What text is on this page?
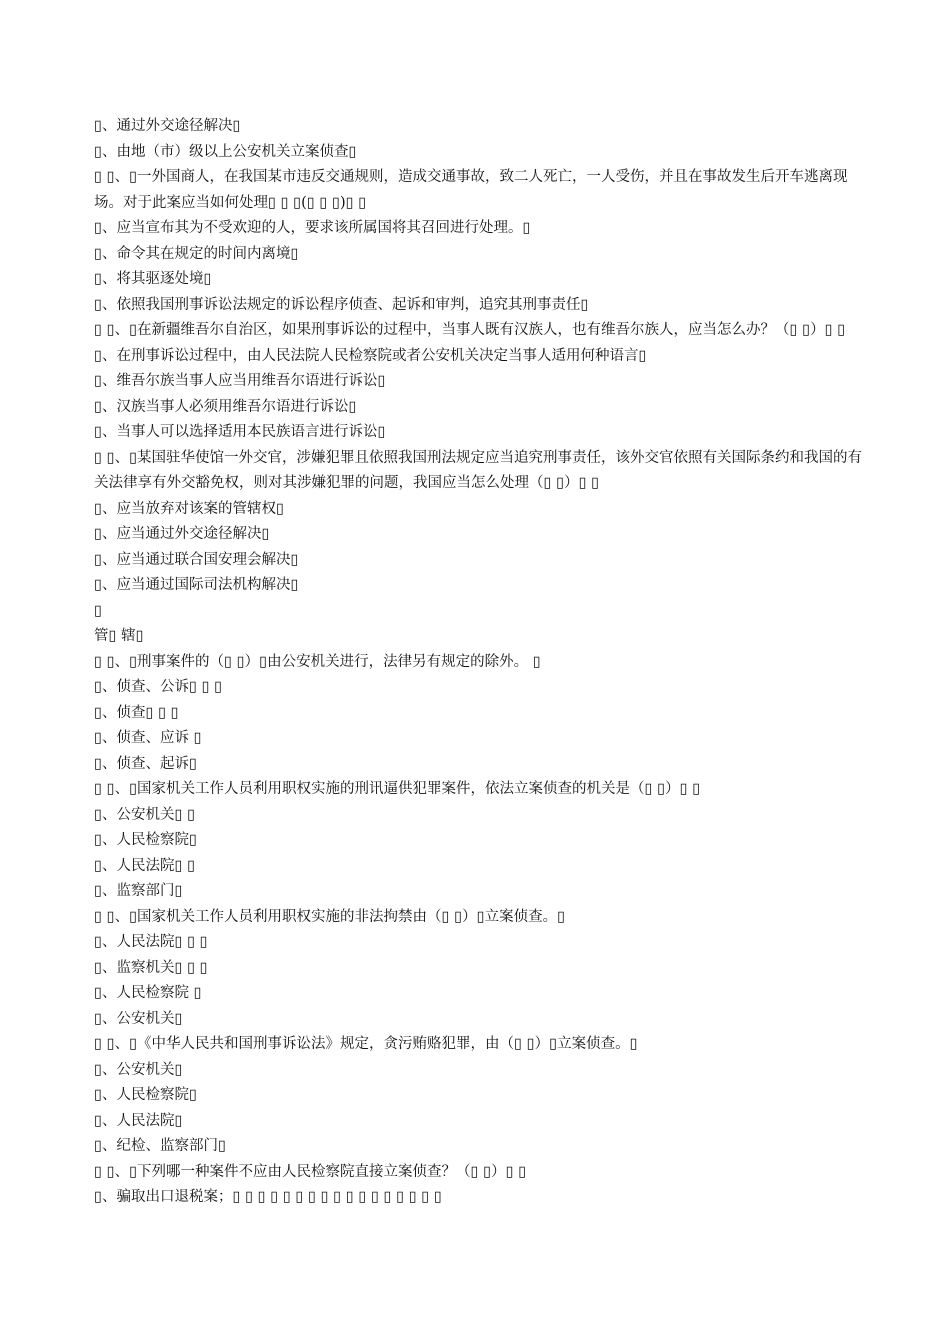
▯、通过外交途径解决▯
▯、由地（市）级以上公安机关立案侦查▯
▯ ▯、▯一外国商人，在我国某市违反交通规则，造成交通事故，致二人死亡，一人受伤，并且在事故发生后开车逃离现场。对于此案应当如何处理▯ ▯ ▯(▯ ▯ ▯)▯ ▯
▯、应当宣布其为不受欢迎的人，要求该所属国将其召回进行处理。▯
▯、命令其在规定的时间内离境▯
▯、将其驱逐处境▯
▯、依照我国刑事诉讼法规定的诉讼程序侦查、起诉和审判，追究其刑事责任▯
▯ ▯、▯在新疆维吾尔自治区，如果刑事诉讼的过程中，当事人既有汉族人，也有维吾尔族人，应当怎么办？（▯ ▯）▯ ▯
▯、在刑事诉讼过程中，由人民法院人民检察院或者公安机关决定当事人适用何种语言▯
▯、维吾尔族当事人应当用维吾尔语进行诉讼▯
▯、汉族当事人必须用维吾尔语进行诉讼▯
▯、当事人可以选择适用本民族语言进行诉讼▯
▯ ▯、▯某国驻华使馆一外交官，涉嫌犯罪且依照我国刑法规定应当追究刑事责任，该外交官依照有关国际条约和我国的有关法律享有外交豁免权，则对其涉嫌犯罪的问题，我国应当怎么处理（▯ ▯）▯ ▯
▯、应当放弃对该案的管辖权▯
▯、应当通过外交途径解决▯
▯、应当通过联合国安理会解决▯
▯、应当通过国际司法机构解决▯
▯
管▯ 辖▯
▯ ▯、▯刑事案件的（▯ ▯）▯由公安机关进行，法律另有规定的除外。 ▯
▯、侦查、公诉▯ ▯ ▯
▯、侦查▯ ▯ ▯
▯、侦查、应诉 ▯
▯、侦查、起诉▯
▯ ▯、▯国家机关工作人员利用职权实施的刑讯逼供犯罪案件，依法立案侦查的机关是（▯ ▯）▯ ▯
▯、公安机关▯ ▯
▯、人民检察院▯
▯、人民法院▯ ▯
▯、监察部门▯
▯ ▯、▯国家机关工作人员利用职权实施的非法拘禁由（▯ ▯）▯立案侦查。▯
▯、人民法院▯ ▯ ▯
▯、监察机关▯ ▯ ▯
▯、人民检察院 ▯
▯、公安机关▯
▯ ▯、▯《中华人民共和国刑事诉讼法》规定，贪污贿赂犯罪，由（▯ ▯）▯立案侦查。▯
▯、公安机关▯
▯、人民检察院▯
▯、人民法院▯
▯、纪检、监察部门▯
▯ ▯、▯下列哪一种案件不应由人民检察院直接立案侦查？（▯ ▯）▯ ▯
▯、骗取出口退税案；▯ ▯ ▯ ▯ ▯ ▯ ▯ ▯ ▯ ▯ ▯ ▯ ▯ ▯ ▯ ▯ ▯
